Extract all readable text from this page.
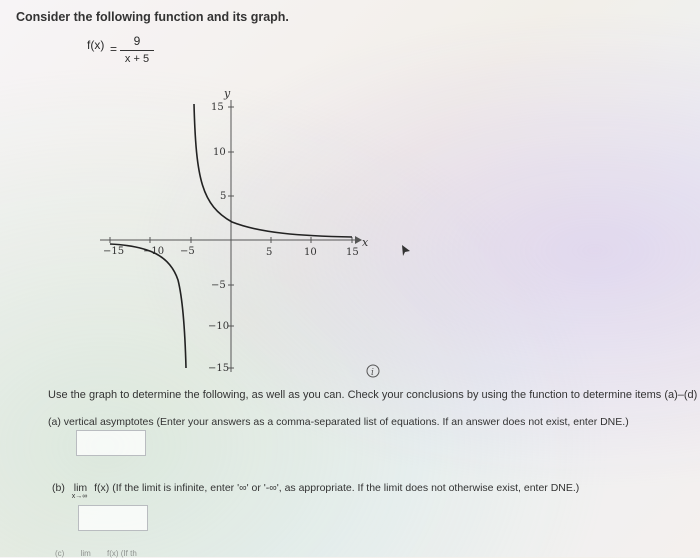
Consider the following function and its graph.
$f(x) = \frac{9}{x + 5}$
−15 −10 −5	5	10	15
15
10
5
−5
−10
−15
y
x
i
Use the graph to determine the following, as well as you can. Check your conclusions by using the function to determine items (a)–(d)
(a) vertical asymptotes (Enter your answers as a comma-separated list of equations. If an answer does not exist, enter DNE.)
(b) lim
x→∞
f(x) (If the limit is infinite, enter '∞' or '-∞', as appropriate. If the limit does not otherwise exist, enter DNE.)
(c) lim f(x) (If th
